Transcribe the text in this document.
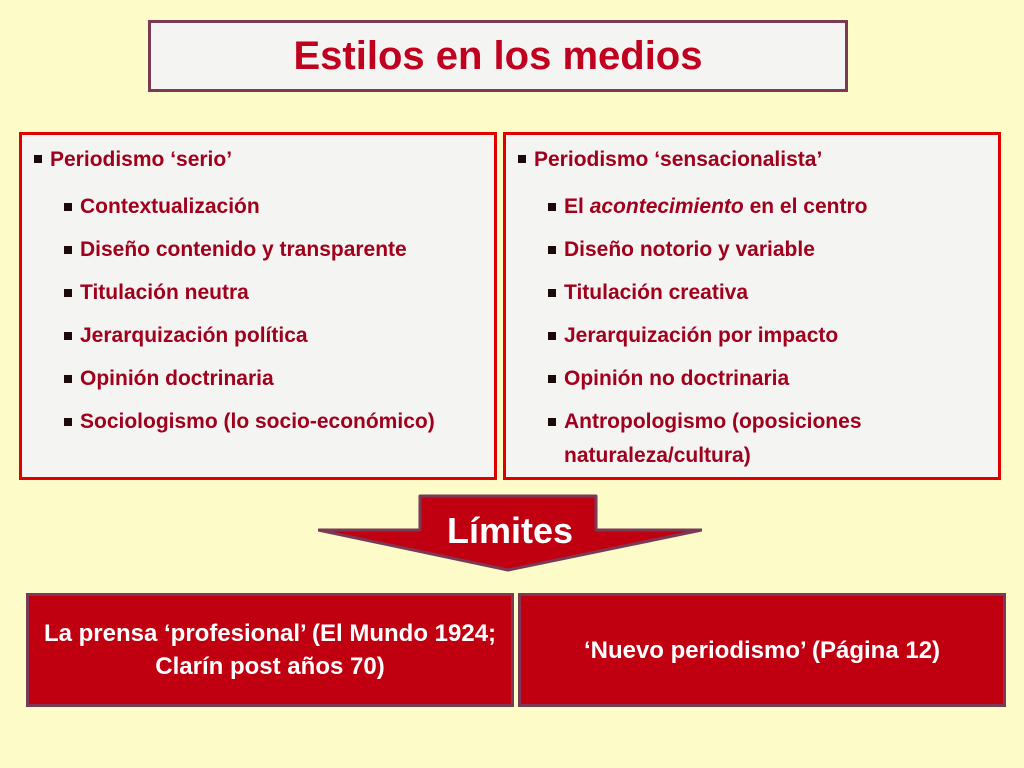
Estilos en los medios
Periodismo ‘serio’
Contextualización
Diseño contenido y transparente
Titulación neutra
Jerarquización política
Opinión doctrinaria
Sociologismo (lo socio-económico)
Periodismo ‘sensacionalista’
El acontecimiento en el centro
Diseño notorio y variable
Titulación creativa
Jerarquización por impacto
Opinión no doctrinaria
Antropologismo (oposiciones naturaleza/cultura)
Límites
La prensa ‘profesional’ (El Mundo 1924; Clarín post años 70)
‘Nuevo periodismo’ (Página 12)
